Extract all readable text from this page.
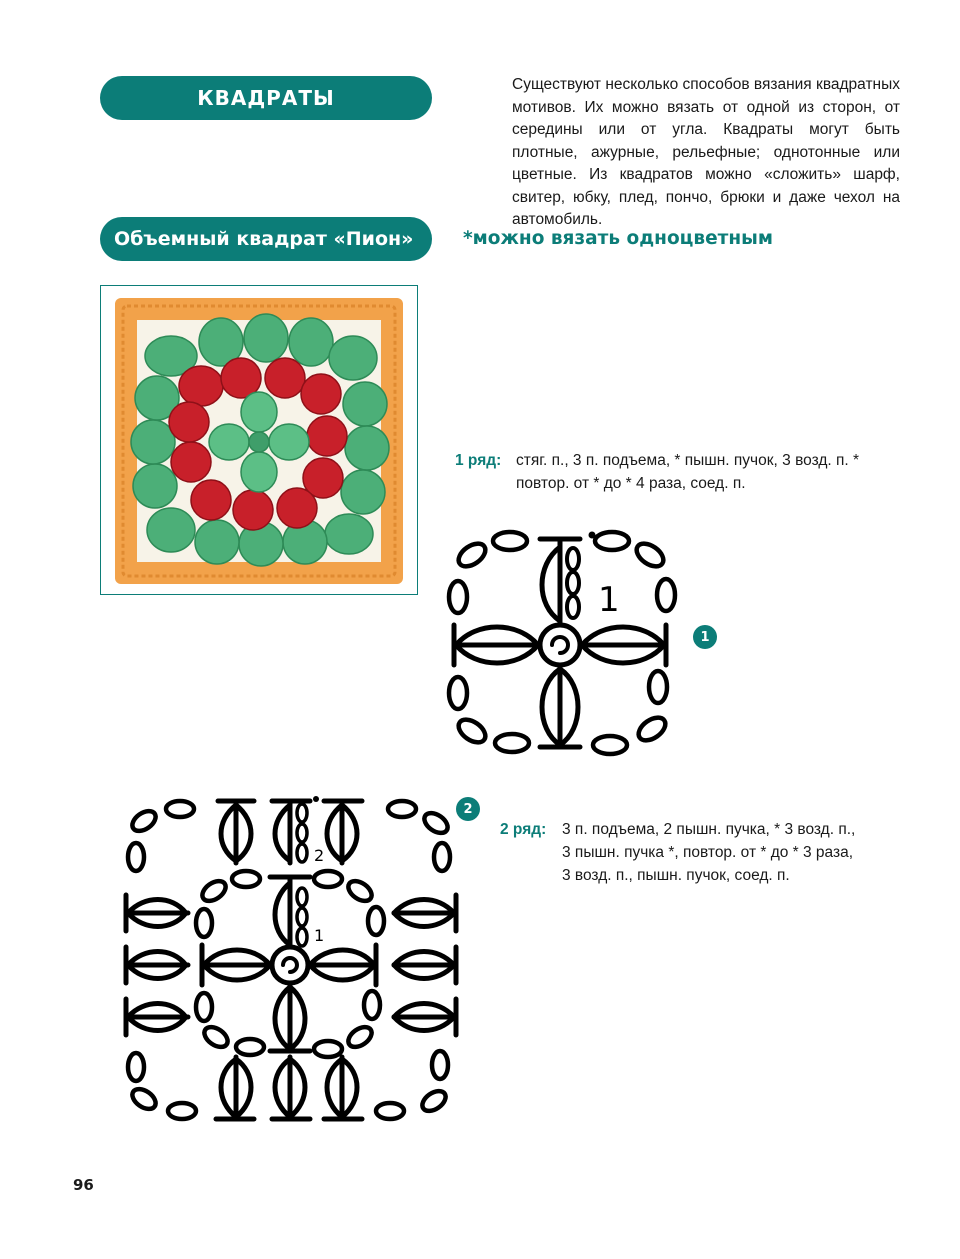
КВАДРАТЫ
Существуют несколько способов вязания квадратных мотивов. Их можно вязать от одной из сторон, от середины или от угла. Квадраты могут быть плотные, ажурные, рельефные; однотонные или цветные. Из квадратов можно «сложить» шарф, свитер, юбку, плед, пончо, брюки и даже чехол на автомобиль.
Объемный квадрат «Пион»	*можно вязать одноцветным
1 ряд: стяг. п., 3 п. подъема, * пышн. пучок, 3 возд. п. *
повтор. от * до * 4 раза, соед. п.
1
1
1
2
2
2 ряд: 3 п. подъема, 2 пышн. пучка, * 3 возд. п.,
3 пышн. пучка *, повтор. от * до * 3 раза,
3 возд. п., пышн. пучок, соед. п.
96
